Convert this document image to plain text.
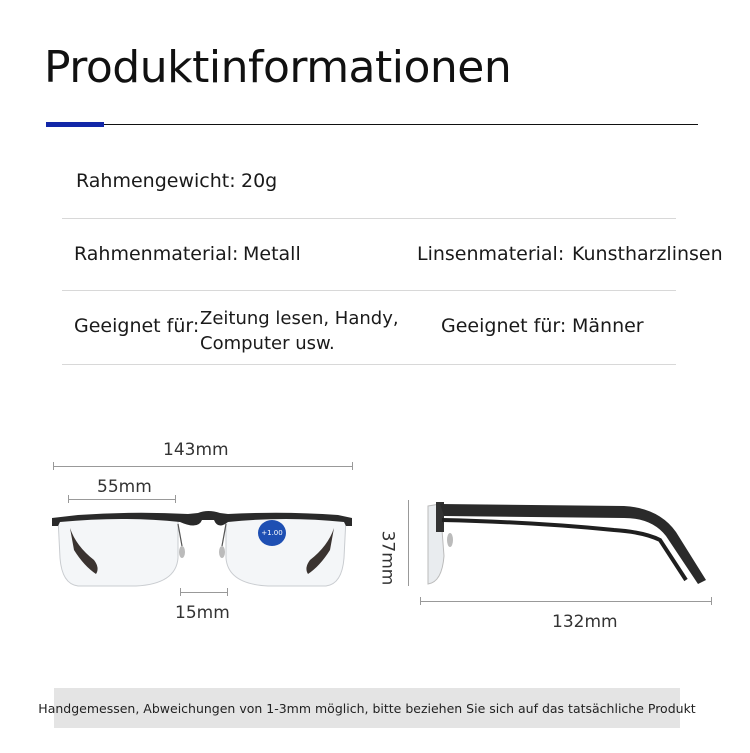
Produktinformationen
Rahmengewicht: 20g
Rahmenmaterial: Metall	Linsenmaterial: Kunstharzlinsen
Geeignet für: Zeitung lesen, Handy,
Computer usw.
Geeignet für: Männer
143mm
55mm
15mm
+1.00	37mm
132mm
Handgemessen, Abweichungen von 1-3mm möglich, bitte beziehen Sie sich auf das tatsächliche Produkt
